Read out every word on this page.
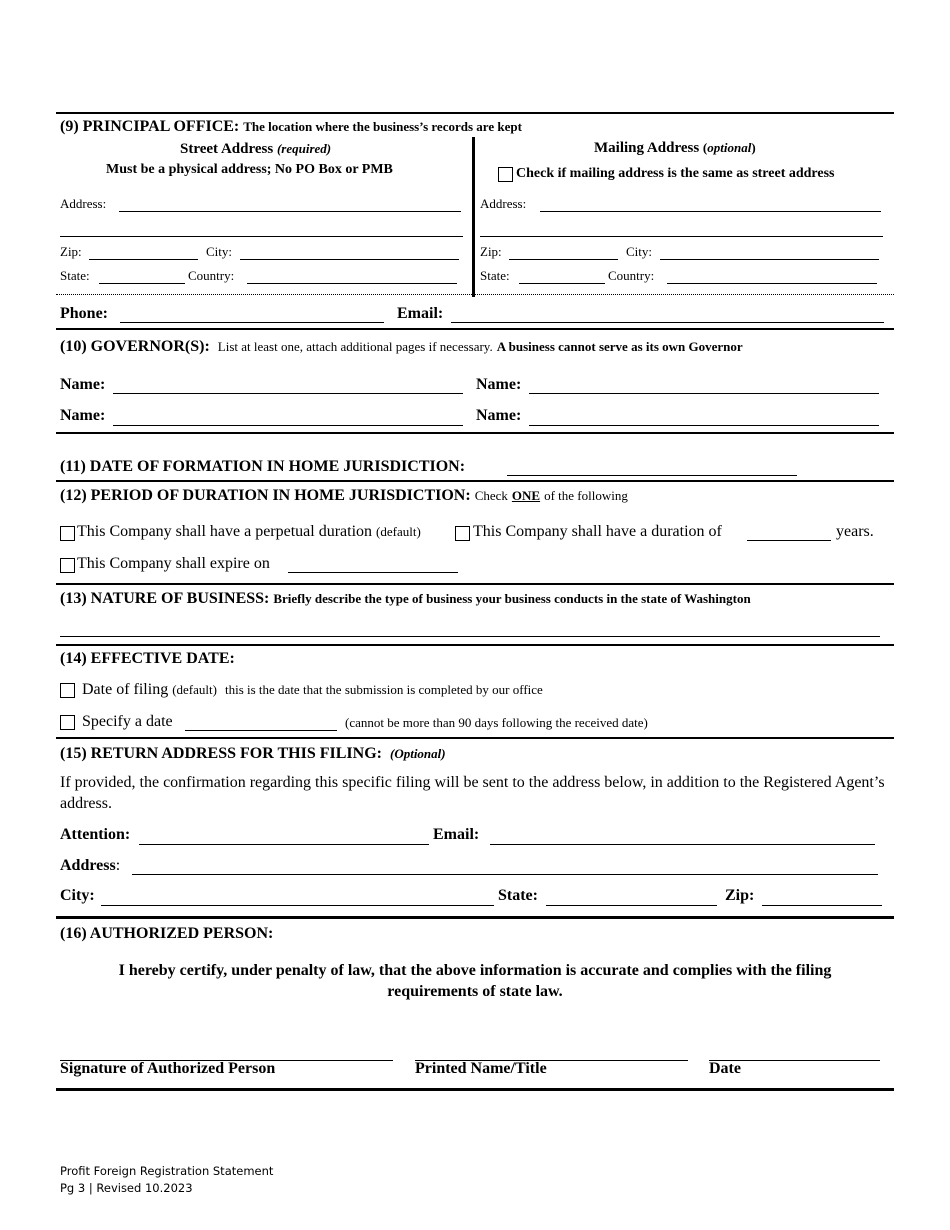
(9) PRINCIPAL OFFICE: The location where the business’s records are kept
Street Address (required)
Must be a physical address; No PO Box or PMB
Address:
Zip:	City:
State:	Country:
Mailing Address (optional)
Check if mailing address is the same as street address
Address:
Zip:	City:
State:	Country:
Phone:	Email:
(10) GOVERNOR(S): List at least one, attach additional pages if necessary. A business cannot serve as its own Governor
Name:	Name:
Name:	Name:
(11) DATE OF FORMATION IN HOME JURISDICTION:
(12) PERIOD OF DURATION IN HOME JURISDICTION: Check ONE of the following
This Company shall have a perpetual duration (default)	This Company shall have a duration of	years.
This Company shall expire on
(13) NATURE OF BUSINESS: Briefly describe the type of business your business conducts in the state of Washington
(14) EFFECTIVE DATE:
Date of filing (default) this is the date that the submission is completed by our office
Specify a date	(cannot be more than 90 days following the received date)
(15) RETURN ADDRESS FOR THIS FILING: (Optional)
If provided, the confirmation regarding this specific filing will be sent to the address below, in addition to the Registered Agent’s address.
Attention:	Email:
Address:
City:	State:	Zip:
(16) AUTHORIZED PERSON:
I hereby certify, under penalty of law, that the above information is accurate and complies with the filing requirements of state law.
Signature of Authorized Person	Printed Name/Title	Date
Profit Foreign Registration Statement
Pg 3 | Revised 10.2023
